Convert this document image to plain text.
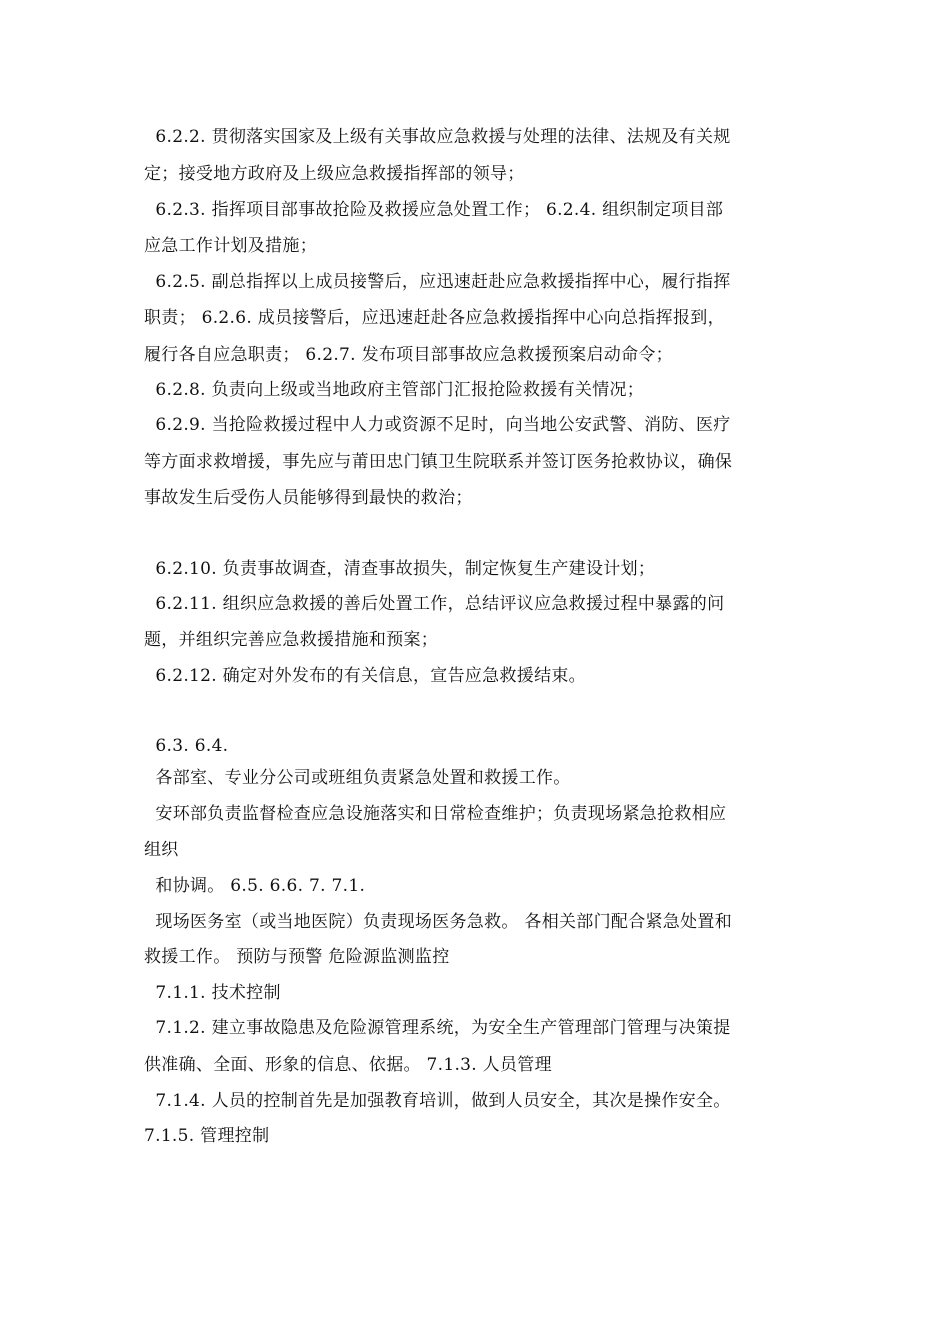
6.2.2. 贯彻落实国家及上级有关事故应急救援与处理的法律、法规及有关规
定；接受地方政府及上级应急救援指挥部的领导；
6.2.3. 指挥项目部事故抢险及救援应急处置工作； 6.2.4. 组织制定项目部
应急工作计划及措施；
6.2.5. 副总指挥以上成员接警后，应迅速赶赴应急救援指挥中心，履行指挥
职责； 6.2.6. 成员接警后，应迅速赶赴各应急救援指挥中心向总指挥报到，
履行各自应急职责； 6.2.7. 发布项目部事故应急救援预案启动命令；
6.2.8. 负责向上级或当地政府主管部门汇报抢险救援有关情况；
6.2.9. 当抢险救援过程中人力或资源不足时，向当地公安武警、消防、医疗
等方面求救增援，事先应与莆田忠门镇卫生院联系并签订医务抢救协议，确保
事故发生后受伤人员能够得到最快的救治；
6.2.10. 负责事故调查，清查事故损失，制定恢复生产建设计划；
6.2.11. 组织应急救援的善后处置工作，总结评议应急救援过程中暴露的问
题，并组织完善应急救援措施和预案；
6.2.12. 确定对外发布的有关信息，宣告应急救援结束。
6.3. 6.4.
各部室、专业分公司或班组负责紧急处置和救援工作。
安环部负责监督检查应急设施落实和日常检查维护；负责现场紧急抢救相应
组织
和协调。 6.5. 6.6. 7. 7.1.
现场医务室（或当地医院）负责现场医务急救。 各相关部门配合紧急处置和
救援工作。 预防与预警 危险源监测监控
7.1.1. 技术控制
7.1.2. 建立事故隐患及危险源管理系统，为安全生产管理部门管理与决策提
供准确、全面、形象的信息、依据。 7.1.3. 人员管理
7.1.4. 人员的控制首先是加强教育培训，做到人员安全，其次是操作安全。
7.1.5. 管理控制
